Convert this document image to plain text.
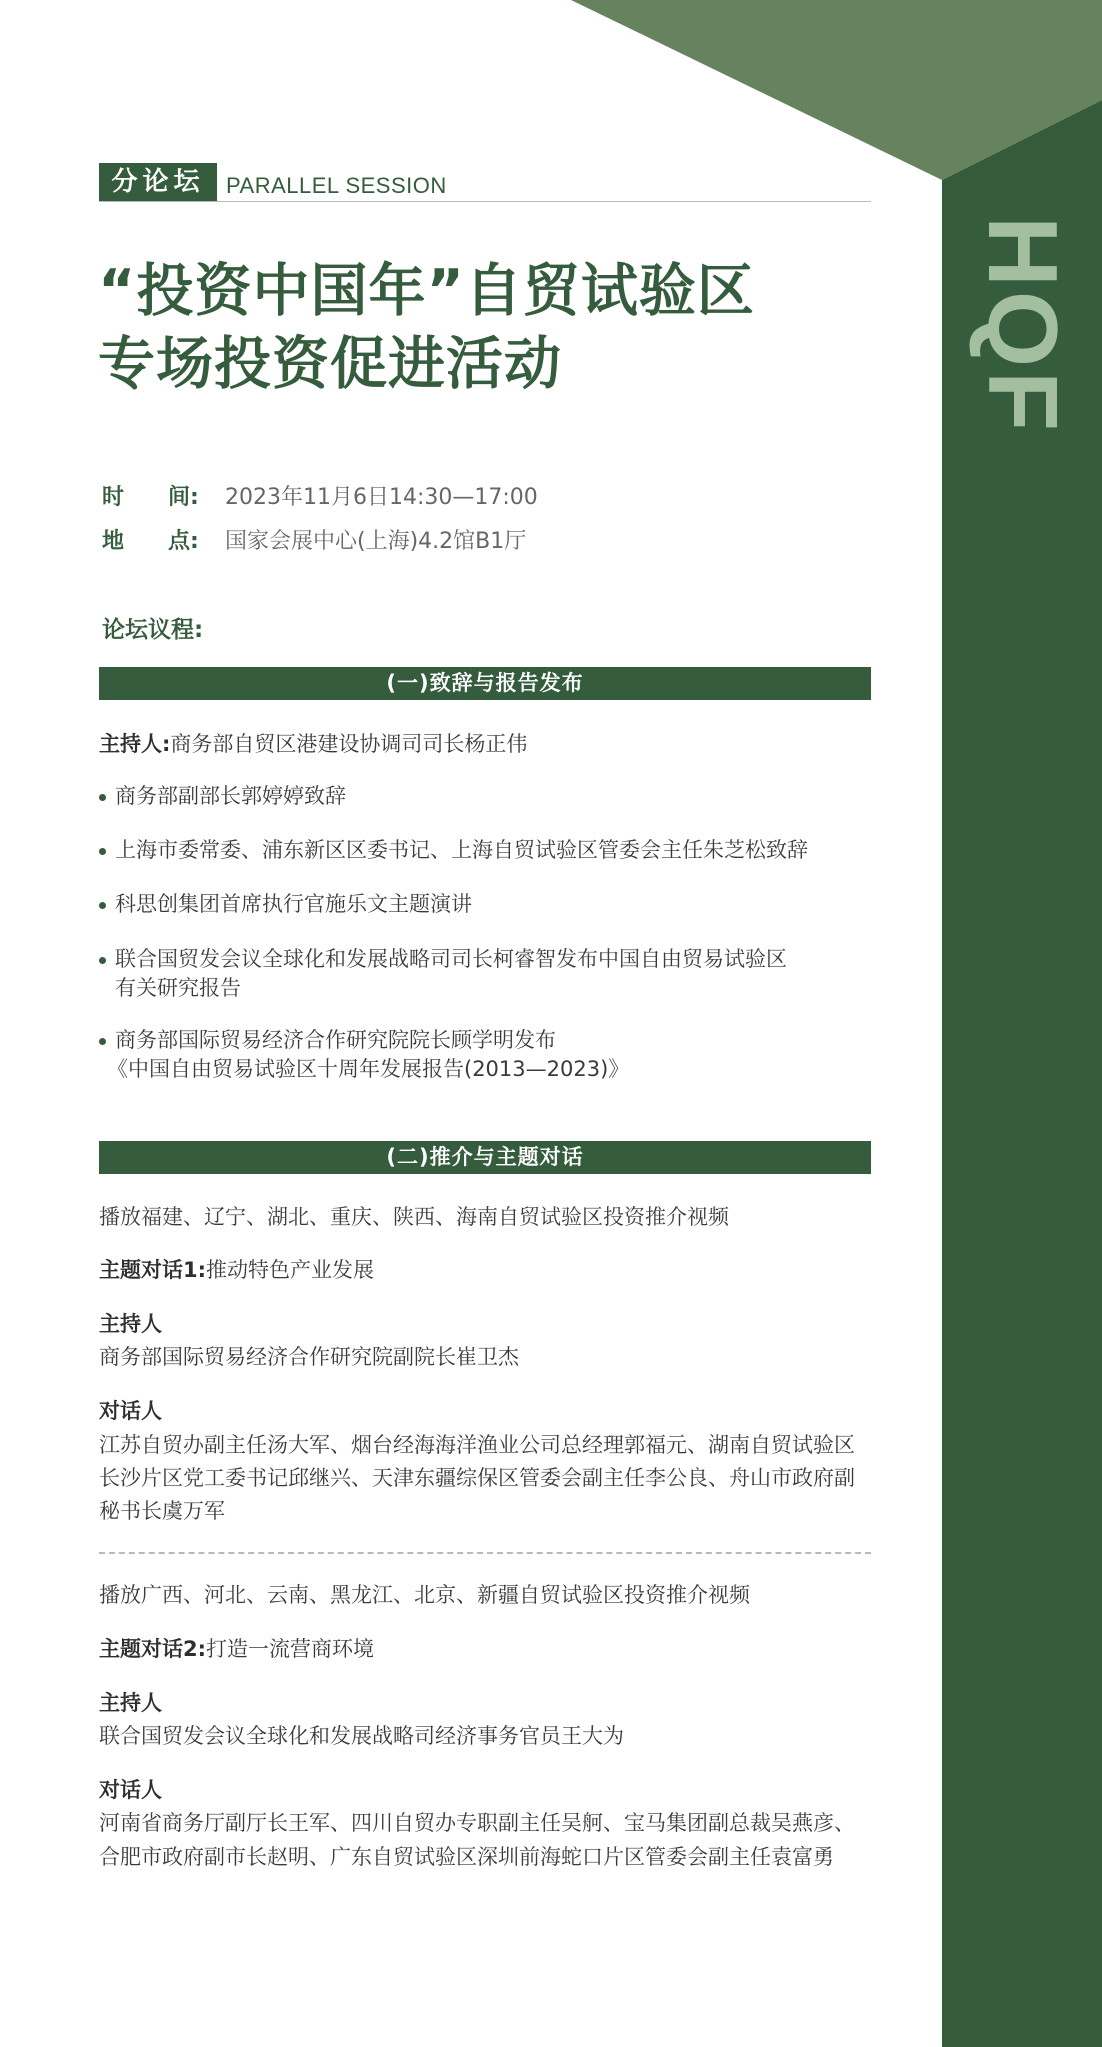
HQF
分论坛 PARALLEL SESSION
“投资中国年”自贸试验区
专场投资促进活动
时　　间: 2023年11月6日14:30—17:00
地　　点: 国家会展中心(上海)4.2馆B1厅
论坛议程:
(一)致辞与报告发布
主持人:商务部自贸区港建设协调司司长杨正伟
商务部副部长郭婷婷致辞
上海市委常委、浦东新区区委书记、上海自贸试验区管委会主任朱芝松致辞
科思创集团首席执行官施乐文主题演讲
联合国贸发会议全球化和发展战略司司长柯睿智发布中国自由贸易试验区
有关研究报告
商务部国际贸易经济合作研究院院长顾学明发布
《中国自由贸易试验区十周年发展报告(2013—2023)》
(二)推介与主题对话
播放福建、辽宁、湖北、重庆、陕西、海南自贸试验区投资推介视频
主题对话1:推动特色产业发展
主持人
商务部国际贸易经济合作研究院副院长崔卫杰
对话人
江苏自贸办副主任汤大军、烟台经海海洋渔业公司总经理郭福元、湖南自贸试验区
长沙片区党工委书记邱继兴、天津东疆综保区管委会副主任李公良、舟山市政府副
秘书长虞万军
播放广西、河北、云南、黑龙江、北京、新疆自贸试验区投资推介视频
主题对话2:打造一流营商环境
主持人
联合国贸发会议全球化和发展战略司经济事务官员王大为
对话人
河南省商务厅副厅长王军、四川自贸办专职副主任吴舸、宝马集团副总裁吴燕彦、
合肥市政府副市长赵明、广东自贸试验区深圳前海蛇口片区管委会副主任袁富勇
